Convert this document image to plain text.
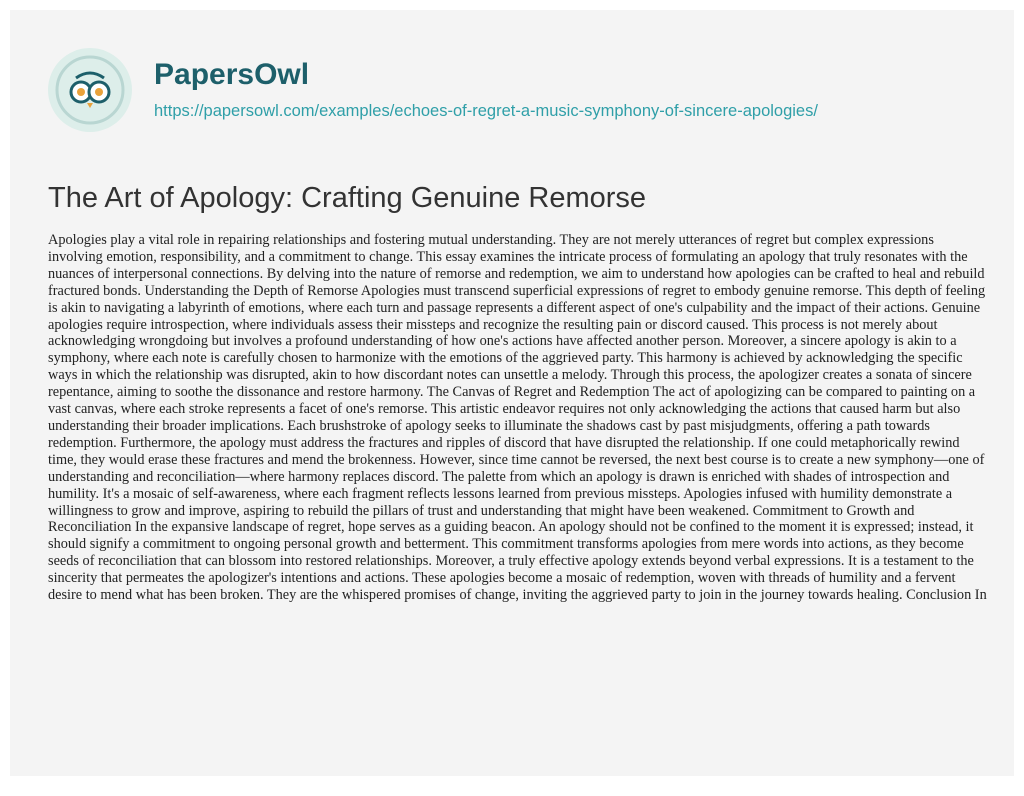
PapersOwl
https://papersowl.com/examples/echoes-of-regret-a-music-symphony-of-sincere-apologies/
The Art of Apology: Crafting Genuine Remorse

Apologies play a vital role in repairing relationships and fostering mutual understanding. They are not merely utterances of regret but complex expressions involving emotion, responsibility, and a commitment to change. This essay examines the intricate process of formulating an apology that truly resonates with the nuances of interpersonal connections. By delving into the nature of remorse and redemption, we aim to understand how apologies can be crafted to heal and rebuild fractured bonds. Understanding the Depth of Remorse Apologies must transcend superficial expressions of regret to embody genuine remorse. This depth of feeling is akin to navigating a labyrinth of emotions, where each turn and passage represents a different aspect of one's culpability and the impact of their actions. Genuine apologies require introspection, where individuals assess their missteps and recognize the resulting pain or discord caused. This process is not merely about acknowledging wrongdoing but involves a profound understanding of how one's actions have affected another person. Moreover, a sincere apology is akin to a symphony, where each note is carefully chosen to harmonize with the emotions of the aggrieved party. This harmony is achieved by acknowledging the specific ways in which the relationship was disrupted, akin to how discordant notes can unsettle a melody. Through this process, the apologizer creates a sonata of sincere repentance, aiming to soothe the dissonance and restore harmony. The Canvas of Regret and Redemption The act of apologizing can be compared to painting on a vast canvas, where each stroke represents a facet of one's remorse. This artistic endeavor requires not only acknowledging the actions that caused harm but also understanding their broader implications. Each brushstroke of apology seeks to illuminate the shadows cast by past misjudgments, offering a path towards redemption. Furthermore, the apology must address the fractures and ripples of discord that have disrupted the relationship. If one could metaphorically rewind time, they would erase these fractures and mend the brokenness. However, since time cannot be reversed, the next best course is to create a new symphony—one of understanding and reconciliation—where harmony replaces discord. The palette from which an apology is drawn is enriched with shades of introspection and humility. It's a mosaic of self-awareness, where each fragment reflects lessons learned from previous missteps. Apologies infused with humility demonstrate a willingness to grow and improve, aspiring to rebuild the pillars of trust and understanding that might have been weakened. Commitment to Growth and Reconciliation In the expansive landscape of regret, hope serves as a guiding beacon. An apology should not be confined to the moment it is expressed; instead, it should signify a commitment to ongoing personal growth and betterment. This commitment transforms apologies from mere words into actions, as they become seeds of reconciliation that can blossom into restored relationships. Moreover, a truly effective apology extends beyond verbal expressions. It is a testament to the sincerity that permeates the apologizer's intentions and actions. These apologies become a mosaic of redemption, woven with threads of humility and a fervent desire to mend what has been broken. They are the whispered promises of change, inviting the aggrieved party to join in the journey towards healing. Conclusion In
